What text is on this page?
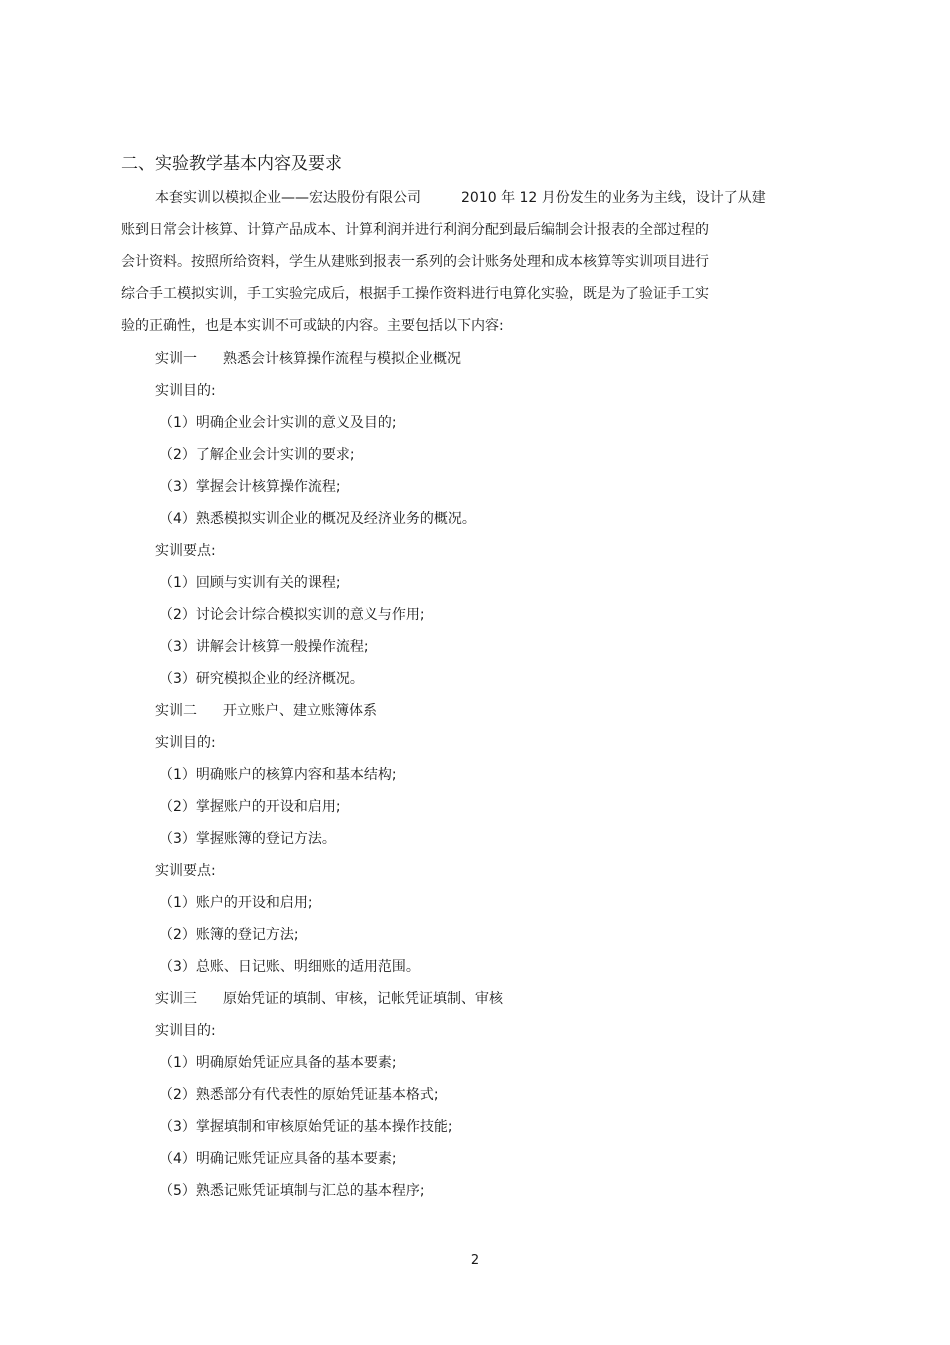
二、实验教学基本内容及要求
本套实训以模拟企业——宏达股份有限公司	2010 年 12 月份发生的业务为主线，设计了从建
账到日常会计核算、计算产品成本、计算利润并进行利润分配到最后编制会计报表的全部过程的
会计资料。按照所给资料，学生从建账到报表一系列的会计账务处理和成本核算等实训项目进行
综合手工模拟实训，手工实验完成后，根据手工操作资料进行电算化实验，既是为了验证手工实
验的正确性，也是本实训不可或缺的内容。主要包括以下内容:
实训一 熟悉会计核算操作流程与模拟企业概况
实训目的:
（1）明确企业会计实训的意义及目的;
（2）了解企业会计实训的要求;
（3）掌握会计核算操作流程;
（4）熟悉模拟实训企业的概况及经济业务的概况。
实训要点:
（1）回顾与实训有关的课程;
（2）讨论会计综合模拟实训的意义与作用;
（3）讲解会计核算一般操作流程;
（3）研究模拟企业的经济概况。
实训二 开立账户、建立账簿体系
实训目的:
（1）明确账户的核算内容和基本结构;
（2）掌握账户的开设和启用;
（3）掌握账簿的登记方法。
实训要点:
（1）账户的开设和启用;
（2）账簿的登记方法;
（3）总账、日记账、明细账的适用范围。
实训三 原始凭证的填制、审核，记帐凭证填制、审核
实训目的:
（1）明确原始凭证应具备的基本要素;
（2）熟悉部分有代表性的原始凭证基本格式;
（3）掌握填制和审核原始凭证的基本操作技能;
（4）明确记账凭证应具备的基本要素;
（5）熟悉记账凭证填制与汇总的基本程序;
2
